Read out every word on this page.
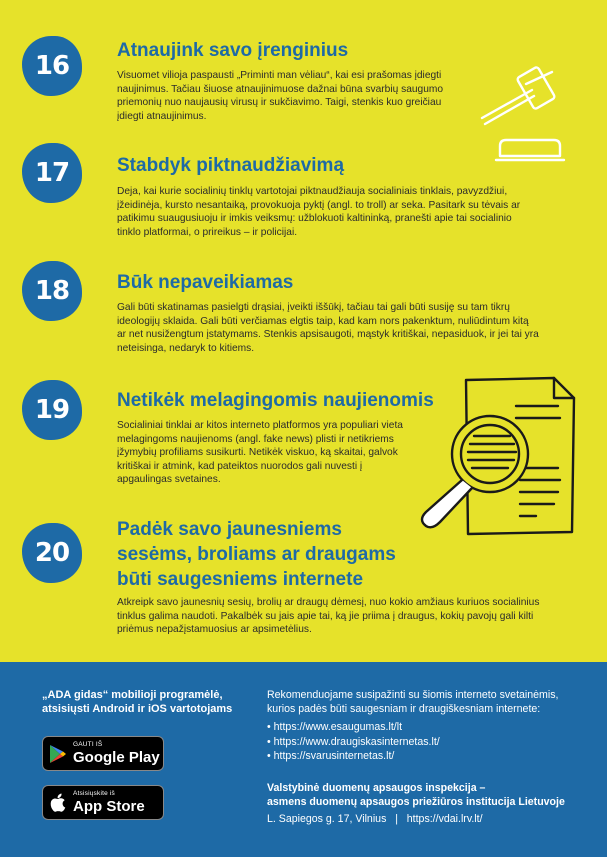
16
Atnaujink savo įrenginius

Visuomet vilioja paspausti „Priminti man vėliau“, kai esi prašomas įdiegti
naujinimus. Tačiau šiuose atnaujinimuose dažnai būna svarbių saugumo
priemonių nuo naujausių virusų ir sukčiavimo. Taigi, stenkis kuo greičiau
įdiegti atnaujinimus.

17	Stabdyk piktnaudžiavimą

Deja, kai kurie socialinių tinklų vartotojai piktnaudžiauja socialiniais tinklais, pavyzdžiui,
įžeidinėja, kursto nesantaiką, provokuoja pyktį (angl. to troll) ar seka. Pasitark su tėvais ar
patikimu suaugusiuoju ir imkis veiksmų: užblokuoti kaltininką, pranešti apie tai socialinio
tinklo platformai, o prireikus – ir policijai.

18	Būk nepaveikiamas

Gali būti skatinamas pasielgti drąsiai, įveikti iššūkį, tačiau tai gali būti susiję su tam tikrų
ideologijų sklaida. Gali būti verčiamas elgtis taip, kad kam nors pakenktum, nuliūdintum kitą
ar net nusižengtum įstatymams. Stenkis apsisaugoti, mąstyk kritiškai, nepasiduok, ir jei tai yra
neteisinga, nedaryk to kitiems.

19	Netikėk melagingomis naujienomis

Socialiniai tinklai ar kitos interneto platformos yra populiari vieta
melagingoms naujienoms (angl. fake news) plisti ir netikriems
įžymybių profiliams susikurti. Netikėk viskuo, ką skaitai, galvok
kritiškai ir atmink, kad pateiktos nuorodos gali nuvesti į
apgaulingas svetaines.

20
Padėk savo jaunesniems
sesėms, broliams ar draugams
būti saugesniems internete

Atkreipk savo jaunesnių sesių, brolių ar draugų dėmesį, nuo kokio amžiaus kuriuos socialinius
tinklus galima naudoti. Pakalbėk su jais apie tai, ką jie priima į draugus, kokių pavojų gali kilti
priėmus nepažįstamuosius ar apsimetėlius.

„ADA gidas“ mobilioji programėlė,
atsisiųsti Android ir iOS vartotojams

GAUTI IŠ
Google Play
Atsisiųskite iš
App Store

Rekomenduojame susipažinti su šiomis interneto svetainėmis,
kurios padės būti saugesniam ir draugiškesniam internete:

• https://www.esaugumas.lt/lt
• https://www.draugiskasinternetas.lt/
• https://svarusinternetas.lt/

Valstybinė duomenų apsaugos inspekcija –
asmens duomenų apsaugos priežiūros institucija Lietuvoje

L. Sapiegos g. 17, Vilnius   |   https://vdai.lrv.lt/
